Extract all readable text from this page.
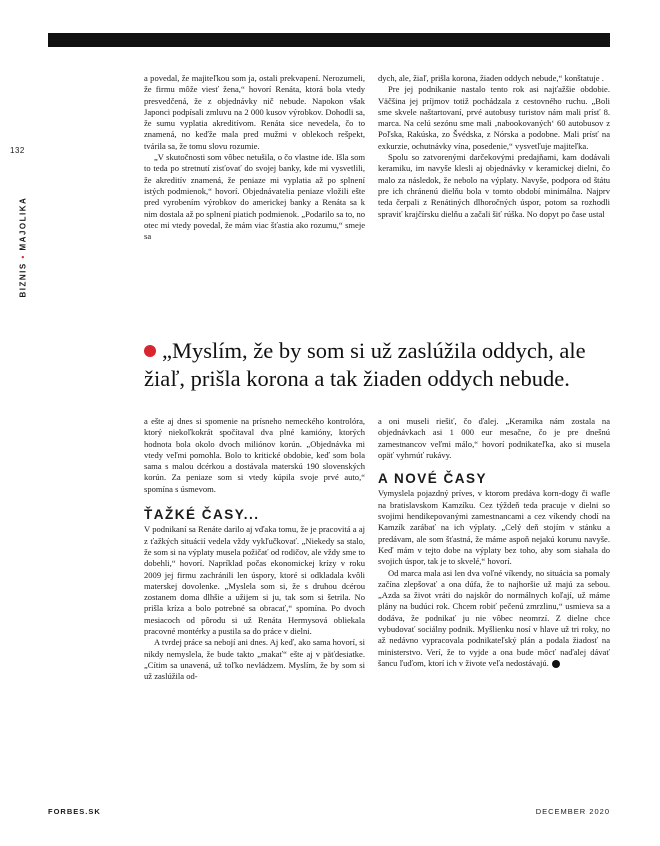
132
BIZNIS • MAJOLIKA

a povedal, že majiteľkou som ja, ostali prekvapení. Nerozumeli, že firmu môže viesť žena,“ hovorí Renáta, ktorá bola vtedy presvedčená, že z objednávky nič nebude. Napokon však Japonci podpísali zmluvu na 2 000 kusov výrobkov. Dohodli sa, že sumu vyplatia akreditívom. Renáta sice nevedela, čo to znamená, no keďže mala pred mužmi v oblekoch rešpekt, tvárila sa, že tomu slovu rozumie.

„V skutočnosti som vôbec netušila, o čo vlastne ide. Išla som to teda po stretnutí zisťovať do svojej banky, kde mi vysvetlili, že akreditív znamená, že peniaze mi vyplatia až po splnení istých podmienok,“ hovorí. Objednávatelia peniaze vložili ešte pred vyrobením výrobkov do americkej banky a Renáta sa k nim dostala až po splnení piatich podmienok. „Podarilo sa to, no otec mi vtedy povedal, že mám viac šťastia ako rozumu,“ smeje sa

dych, ale, žiaľ, prišla korona, žiaden oddych nebude,“ konštatuje .

Pre jej podnikanie nastalo tento rok asi najťažšie obdobie. Väčšina jej príjmov totiž pochádzala z cestovného ruchu. „Boli sme skvele naštartovaní, prvé autobusy turistov nám mali prísť 8. marca. Na celú sezónu sme mali ‚nabookovaných‘ 60 autobusov z Poľska, Rakúska, zo Švédska, z Nórska a podobne. Mali prísť na exkurzie, ochutnávky vína, posedenie,“ vysvetľuje majiteľka.

Spolu so zatvorenými darčekovými predajňami, kam dodávali keramiku, im navyše klesli aj objednávky v keramickej dielni, čo malo za následok, že nebolo na výplaty. Navyše, podpora od štátu pre ich chránenú dielňu bola v tomto období minimálna. Najprv teda čerpali z Renátiných dlhoročných úspor, potom sa rozhodli spraviť krajčírsku dielňu a začali šiť rúška. No dopyt po čase ustal

„Myslím, že by som si už zaslúžila oddych, ale žiaľ, prišla korona a tak žiaden oddych nebude.

a ešte aj dnes si spomenie na prísneho nemeckého kontrolóra, ktorý niekoľkokrát spočítaval dva plné kamióny, ktorých hodnota bola okolo dvoch miliónov korún. „Objednávka mi vtedy veľmi pomohla. Bolo to kritické obdobie, keď som bola sama s malou dcérkou a dostávala materskú 190 slovenských korún. Za peniaze som si vtedy kúpila svoje prvé auto,“ spomína s úsmevom.

ŤAŽKÉ ČASY...

V podnikaní sa Renáte darilo aj vďaka tomu, že je pracovitá a aj z ťažkých situácií vedela vždy vykľučkovať. „Niekedy sa stalo, že som si na výplaty musela požičať od rodičov, ale vždy sme to dobehli,“ hovorí. Napríklad počas ekonomickej krízy v roku 2009 jej firmu zachránili len úspory, ktoré si odkladala kvôli materskej dovolenke. „Myslela som si, že s druhou dcérou zostanem doma dlhšie a užijem si ju, tak som si šetrila. No prišla kríza a bolo potrebné sa obracať,“ spomína. Po dvoch mesiacoch od pôrodu si už Renáta Hermysová obliekala pracovné montérky a pustila sa do práce v dielni.

A tvrdej práce sa nebojí ani dnes. Aj keď, ako sama hovorí, si nikdy nemyslela, že bude takto „makať“ ešte aj v päťdesiatke. „Cítim sa unavená, už toľko nevládzem. Myslím, že by som si už zaslúžila od-

a oni museli riešiť, čo ďalej. „Keramika nám zostala na objednávkach asi 1 000 eur mesačne, čo je pre dnešnú zamestnancov veľmi málo,“ hovorí podnikateľka, ako si musela opäť vyhrnúť rukávy.

A NOVÉ ČASY

Vymyslela pojazdný príves, v ktorom predáva korn-dogy či wafle na bratislavskom Kamzíku. Cez týždeň teda pracuje v dielni so svojimi hendikepovanými zamestnancami a cez víkendy chodí na Kamzík zarábať na ich výplaty. „Celý deň stojím v stánku a predávam, ale som šťastná, že máme aspoň nejakú korunu navyše. Keď mám v tejto dobe na výplaty bez toho, aby som siahala do svojich úspor, tak je to skvelé,“ hovorí.

Od marca mala asi len dva voľné víkendy, no situácia sa pomaly začína zlepšovať a ona dúfa, že to najhoršie už majú za sebou. „Azda sa život vráti do najskôr do normálnych koľají, už máme plány na budúci rok. Chcem robiť pečenú zmrzlinu,“ usmieva sa a dodáva, že podnikať ju nie vôbec neomrzí. Z dielne chce vybudovať sociálny podnik. Myšlienku nosí v hlave už tri roky, no až nedávno vypracovala podnikateľský plán a podala žiadosť na ministerstvo. Verí, že to vyjde a ona bude môcť naďalej dávať šancu ľuďom, ktorí ich v živote veľa nedostávajú.

FORBES.SK	DECEMBER 2020
